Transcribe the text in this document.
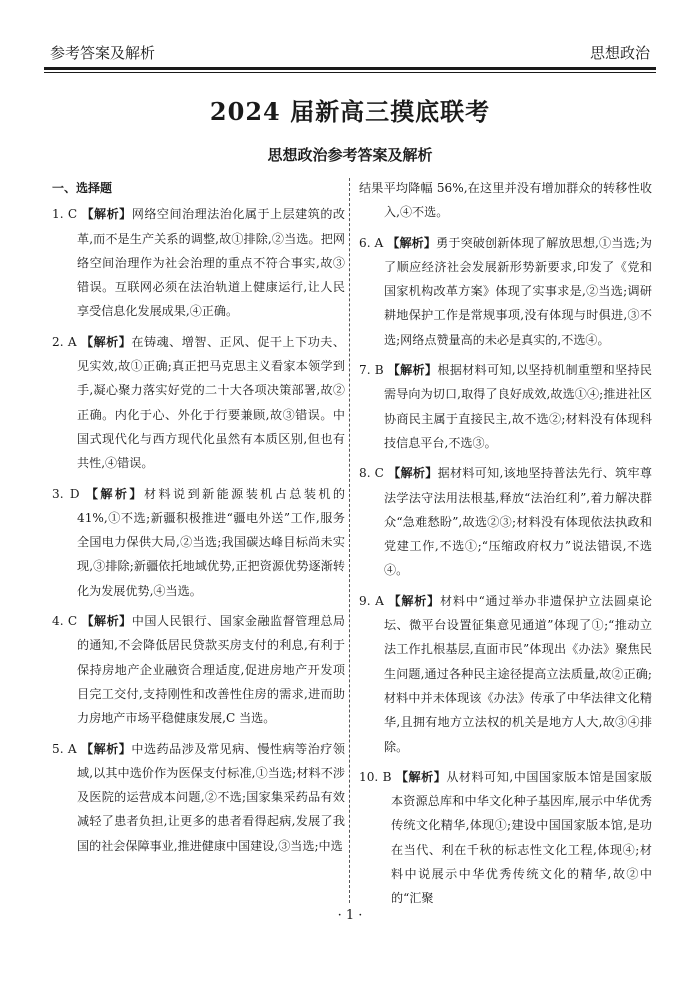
参考答案及解析	思想政治
2024 届新高三摸底联考
思想政治参考答案及解析
一、选择题
1. C 【解析】网络空间治理法治化属于上层建筑的改革,而不是生产关系的调整,故①排除,②当选。把网络空间治理作为社会治理的重点不符合事实,故③错误。互联网必须在法治轨道上健康运行,让人民享受信息化发展成果,④正确。
2. A 【解析】在铸魂、增智、正风、促干上下功夫、见实效,故①正确;真正把马克思主义看家本领学到手,凝心聚力落实好党的二十大各项决策部署,故②正确。内化于心、外化于行要兼顾,故③错误。中国式现代化与西方现代化虽然有本质区别,但也有共性,④错误。
3. D 【解析】材料说到新能源装机占总装机的 41%,①不选;新疆积极推进“疆电外送”工作,服务全国电力保供大局,②当选;我国碳达峰目标尚未实现,③排除;新疆依托地域优势,正把资源优势逐渐转化为发展优势,④当选。
4. C 【解析】中国人民银行、国家金融监督管理总局的通知,不会降低居民贷款买房支付的利息,有利于保持房地产企业融资合理适度,促进房地产开发项目完工交付,支持刚性和改善性住房的需求,进而助力房地产市场平稳健康发展,C 当选。
5. A 【解析】中选药品涉及常见病、慢性病等治疗领域,以其中选价作为医保支付标准,①当选;材料不涉及医院的运营成本问题,②不选;国家集采药品有效减轻了患者负担,让更多的患者看得起病,发展了我国的社会保障事业,推进健康中国建设,③当选;中选
结果平均降幅 56%,在这里并没有增加群众的转移性收入,④不选。
6. A 【解析】勇于突破创新体现了解放思想,①当选;为了顺应经济社会发展新形势新要求,印发了《党和国家机构改革方案》体现了实事求是,②当选;调研耕地保护工作是常规事项,没有体现与时俱进,③不选;网络点赞量高的未必是真实的,不选④。
7. B 【解析】根据材料可知,以坚持机制重塑和坚持民需导向为切口,取得了良好成效,故选①④;推进社区协商民主属于直接民主,故不选②;材料没有体现科技信息平台,不选③。
8. C 【解析】据材料可知,该地坚持普法先行、筑牢尊法学法守法用法根基,释放“法治红利”,着力解决群众“急难愁盼”,故选②③;材料没有体现依法执政和党建工作,不选①;“压缩政府权力”说法错误,不选④。
9. A 【解析】材料中“通过举办非遗保护立法圆桌论坛、微平台设置征集意见通道”体现了①;“推动立法工作扎根基层,直面市民”体现出《办法》聚焦民生问题,通过各种民主途径提高立法质量,故②正确;材料中并未体现该《办法》传承了中华法律文化精华,且拥有地方立法权的机关是地方人大,故③④排除。
10. B 【解析】从材料可知,中国国家版本馆是国家版本资源总库和中华文化种子基因库,展示中华优秀传统文化精华,体现①;建设中国国家版本馆,是功在当代、利在千秋的标志性文化工程,体现④;材料中说展示中华优秀传统文化的精华,故②中的“汇聚
· 1 ·
